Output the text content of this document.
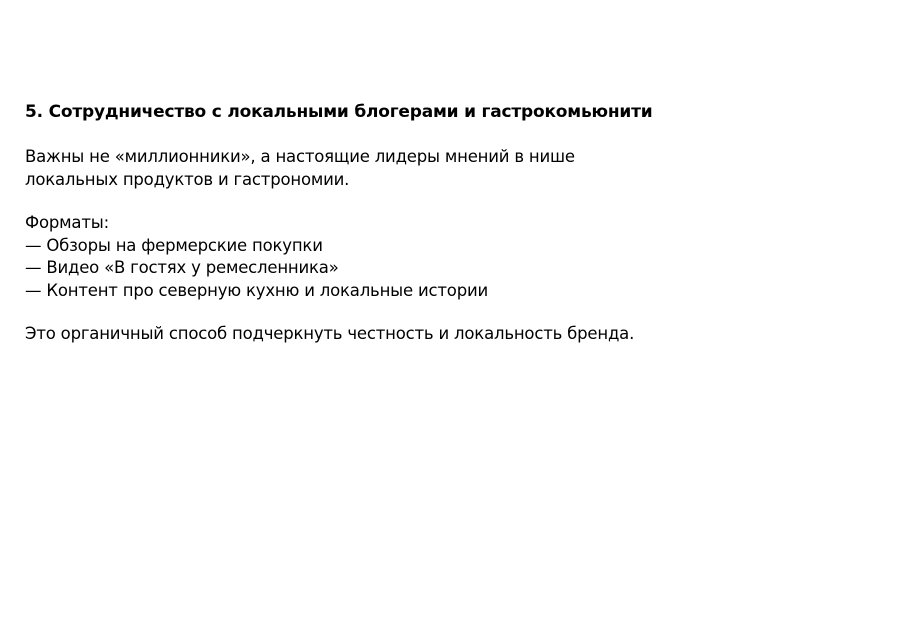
5. Сотрудничество с локальными блогерами и гастрокомьюнити

Важны не «миллионники», а настоящие лидеры мнений в нише
локальных продуктов и гастрономии.

Форматы:
— Обзоры на фермерские покупки
— Видео «В гостях у ремесленника»
— Контент про северную кухню и локальные истории

Это органичный способ подчеркнуть честность и локальность бренда.
